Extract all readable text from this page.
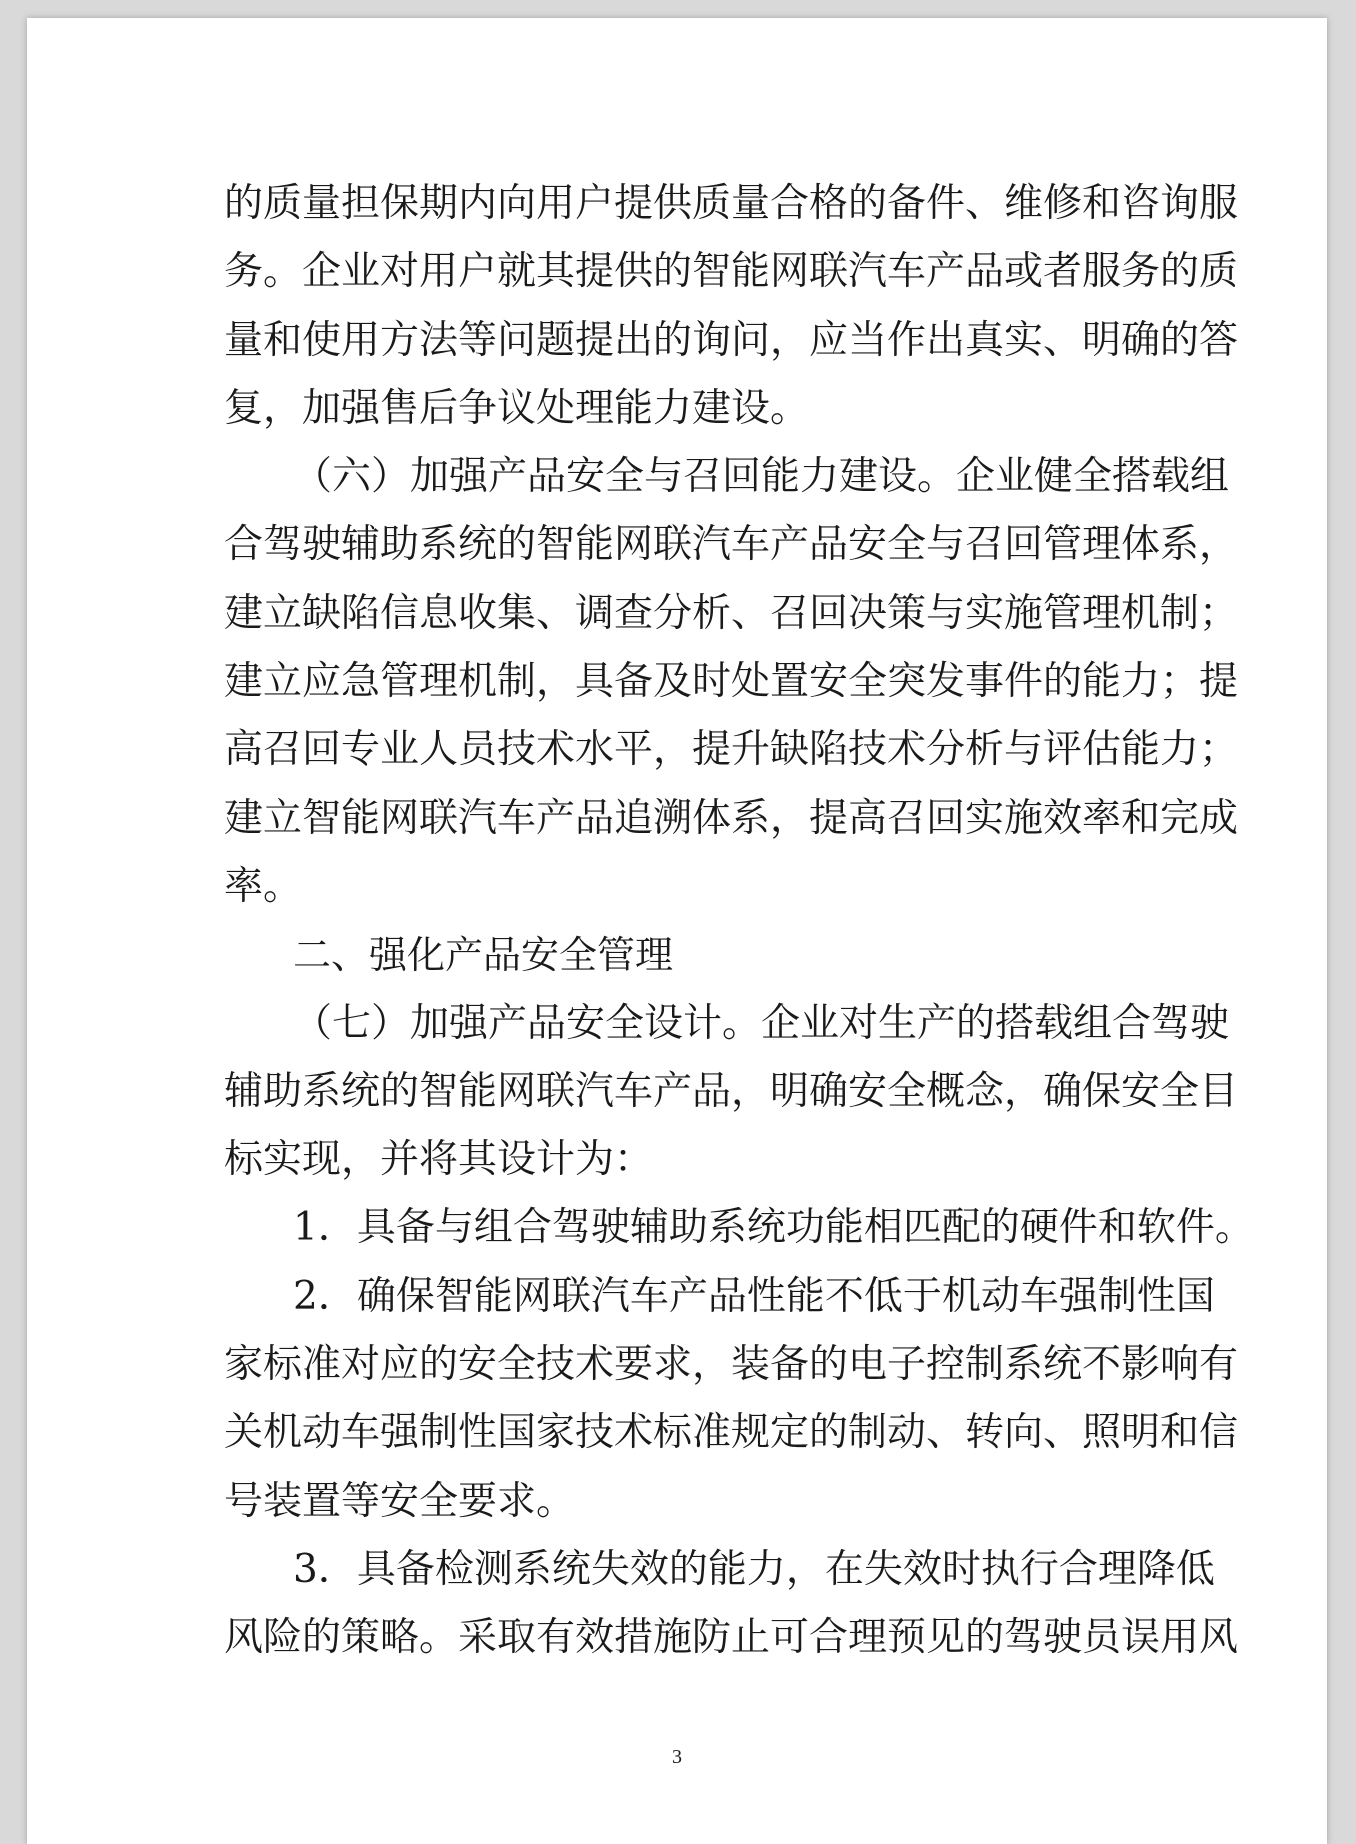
的质量担保期内向用户提供质量合格的备件、维修和咨询服
务。企业对用户就其提供的智能网联汽车产品或者服务的质
量和使用方法等问题提出的询问，应当作出真实、明确的答
复，加强售后争议处理能力建设。
（六）加强产品安全与召回能力建设。企业健全搭载组
合驾驶辅助系统的智能网联汽车产品安全与召回管理体系，
建立缺陷信息收集、调查分析、召回决策与实施管理机制；
建立应急管理机制，具备及时处置安全突发事件的能力；提
高召回专业人员技术水平，提升缺陷技术分析与评估能力；
建立智能网联汽车产品追溯体系，提高召回实施效率和完成
率。
二、强化产品安全管理
（七）加强产品安全设计。企业对生产的搭载组合驾驶
辅助系统的智能网联汽车产品，明确安全概念，确保安全目
标实现，并将其设计为：
1．具备与组合驾驶辅助系统功能相匹配的硬件和软件。
2．确保智能网联汽车产品性能不低于机动车强制性国
家标准对应的安全技术要求，装备的电子控制系统不影响有
关机动车强制性国家技术标准规定的制动、转向、照明和信
号装置等安全要求。
3．具备检测系统失效的能力，在失效时执行合理降低
风险的策略。采取有效措施防止可合理预见的驾驶员误用风
3
